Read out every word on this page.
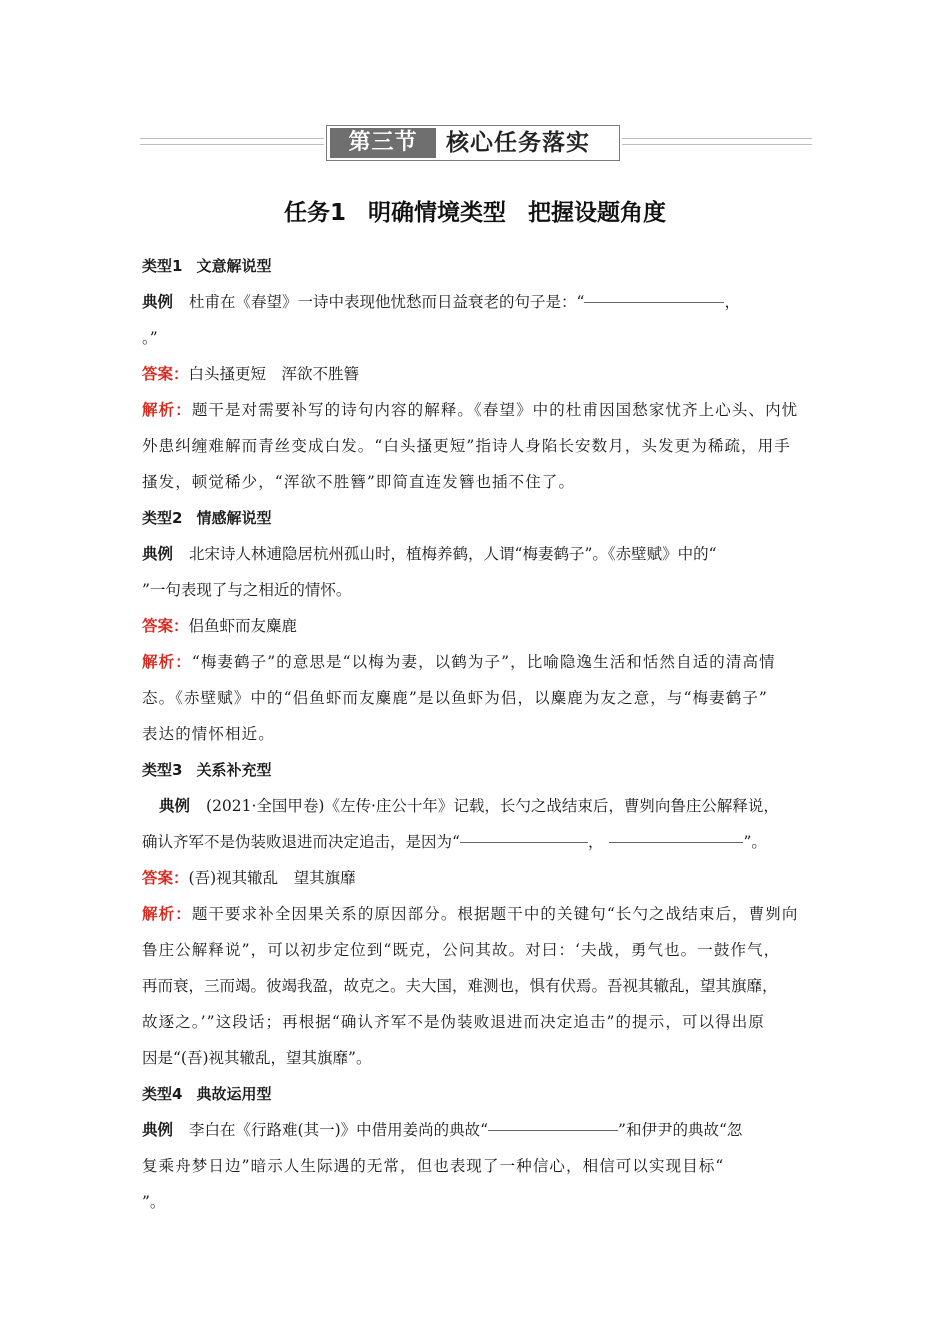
第三节	核心任务落实
任务1 明确情境类型 把握设题角度
类型1 文意解说型
典例 杜甫在《春望》一诗中表现他忧愁而日益衰老的句子是：“	，
。”
答案：白头搔更短　浑欲不胜簪
解析：题干是对需要补写的诗句内容的解释。《春望》中的杜甫因国愁家忧齐上心头、内忧
外患纠缠难解而青丝变成白发。“白头搔更短”指诗人身陷长安数月，头发更为稀疏，用手
搔发，顿觉稀少，“浑欲不胜簪”即简直连发簪也插不住了。
类型2 情感解说型
典例 北宋诗人林逋隐居杭州孤山时，植梅养鹤，人谓“梅妻鹤子”。《赤壁赋》中的“
”一句表现了与之相近的情怀。
答案：侣鱼虾而友麋鹿
解析：“梅妻鹤子”的意思是“以梅为妻，以鹤为子”，比喻隐逸生活和恬然自适的清高情
态。《赤壁赋》中的“侣鱼虾而友麋鹿”是以鱼虾为侣，以麋鹿为友之意，与“梅妻鹤子”
表达的情怀相近。
类型3 关系补充型
典例 (2021·全国甲卷)《左传·庄公十年》记载，长勺之战结束后，曹刿向鲁庄公解释说，
确认齐军不是伪装败退进而决定追击，是因为“	，	”。
答案：(吾)视其辙乱　望其旗靡
解析：题干要求补全因果关系的原因部分。根据题干中的关键句“长勺之战结束后，曹刿向
鲁庄公解释说”，可以初步定位到“既克，公问其故。对曰：‘夫战，勇气也。一鼓作气，
再而衰，三而竭。彼竭我盈，故克之。夫大国，难测也，惧有伏焉。吾视其辙乱，望其旗靡，
故逐之。’”这段话；再根据“确认齐军不是伪装败退进而决定追击”的提示，可以得出原
因是“(吾)视其辙乱，望其旗靡”。
类型4 典故运用型
典例 李白在《行路难(其一)》中借用姜尚的典故“	”和伊尹的典故“忽
复乘舟梦日边”暗示人生际遇的无常，但也表现了一种信心，相信可以实现目标“
”。
